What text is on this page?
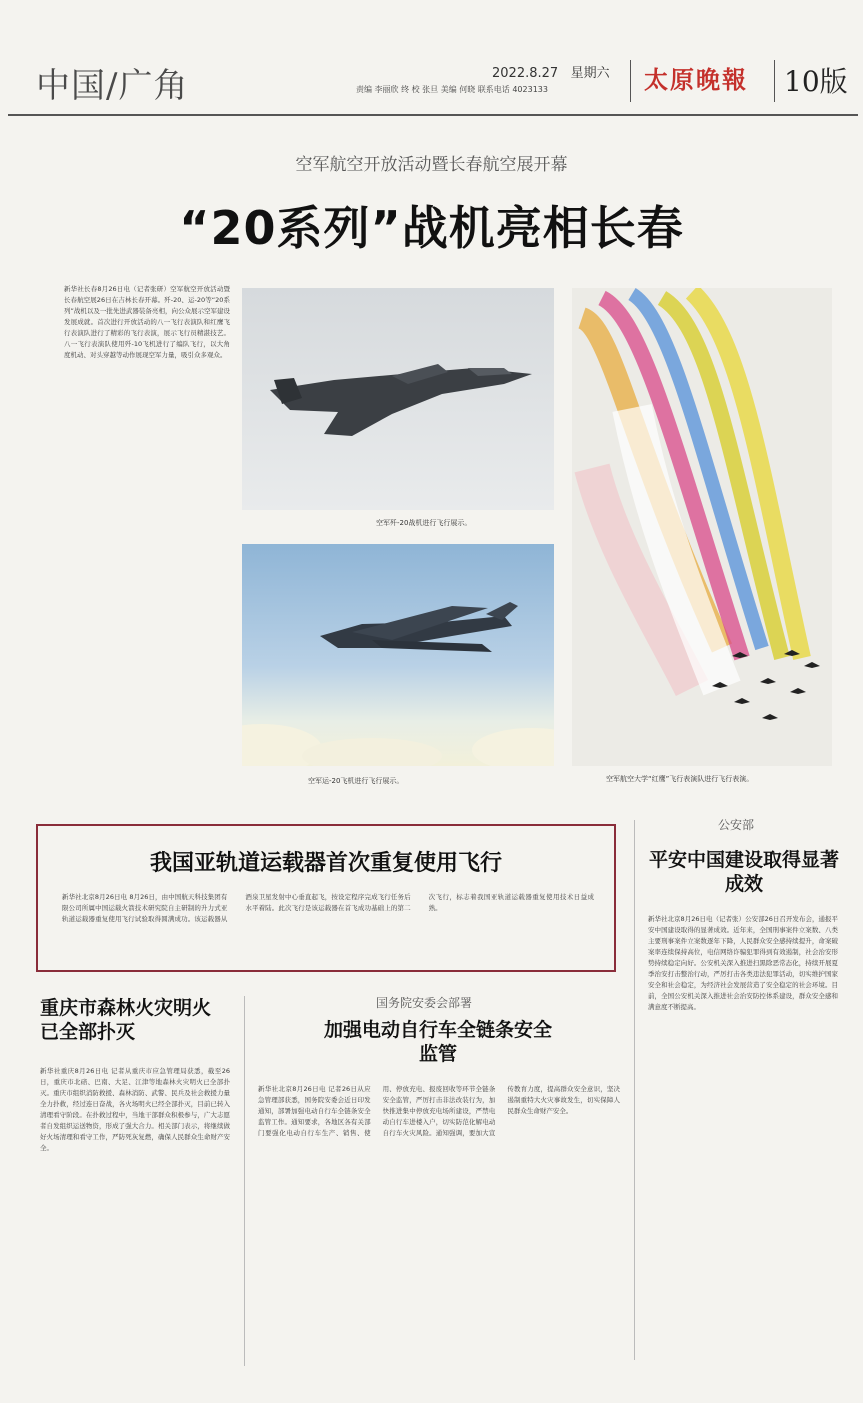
中国/广角	2022.8.27 星期六
责编 李丽欣 终 校 张旦 美编 何晓 联系电话 4023133	太原晚報 10版
空军航空开放活动暨长春航空展开幕
“20系列”战机亮相长春
新华社长春8月26日电（记者张研）空军航空开放活动暨长春航空展26日在吉林长春开幕。歼-20、运-20等“20系列”战机以及一批先进武器装备亮相，向公众展示空军建设发展成就。首次进行开放活动的八一飞行表演队和红鹰飞行表演队进行了精彩的飞行表演，展示飞行员精湛技艺。八一飞行表演队使用歼-10飞机进行了编队飞行，以大角度机动、对头穿越等动作展现空军力量，吸引众多观众。
空军歼-20战机进行飞行展示。
空军运-20飞机进行飞行展示。	空军航空大学“红鹰”飞行表演队进行飞行表演。
我国亚轨道运载器首次重复使用飞行
新华社北京8月26日电 8月26日，由中国航天科技集团有限公司所属中国运载火箭技术研究院自主研制的升力式亚轨道运载器重复使用飞行试验取得圆满成功。该运载器从酒泉卫星发射中心垂直起飞，按设定程序完成飞行任务后水平着陆。此次飞行是该运载器在首飞成功基础上的第二次飞行，标志着我国亚轨道运载器重复使用技术日益成熟。
公安部
平安中国建设取得显著成效
新华社北京8月26日电（记者张）公安部26日召开发布会，通报平安中国建设取得的显著成效。近年来，全国刑事案件立案数、八类主要刑事案件立案数逐年下降，人民群众安全感持续提升，命案破案率连续保持高位，电信网络诈骗犯罪得到有效遏制，社会治安形势持续稳定向好。公安机关深入推进扫黑除恶常态化，持续开展夏季治安打击整治行动，严厉打击各类违法犯罪活动，切实维护国家安全和社会稳定，为经济社会发展营造了安全稳定的社会环境。目前，全国公安机关深入推进社会治安防控体系建设，群众安全感和满意度不断提高。
重庆市森林火灾明火已全部扑灭
新华社重庆8月26日电 记者从重庆市应急管理局获悉，截至26日，重庆市北碚、巴南、大足、江津等地森林火灾明火已全部扑灭。重庆市组织消防救援、森林消防、武警、民兵及社会救援力量全力扑救，经过连日奋战，各火场明火已经全部扑灭，目前已转入清理看守阶段。在扑救过程中，当地干部群众积极参与，广大志愿者自发组织运送物资，形成了强大合力。相关部门表示，将继续做好火场清理和看守工作，严防死灰复燃，确保人民群众生命财产安全。
国务院安委会部署
加强电动自行车全链条安全监管
新华社北京8月26日电 记者26日从应急管理部获悉，国务院安委会近日印发通知，部署加强电动自行车全链条安全监管工作。通知要求，各地区各有关部门要强化电动自行车生产、销售、使用、停放充电、报废回收等环节全链条安全监管，严厉打击非法改装行为，加快推进集中停放充电场所建设，严禁电动自行车进楼入户，切实防范化解电动自行车火灾风险。通知强调，要加大宣传教育力度，提高群众安全意识，坚决遏制重特大火灾事故发生，切实保障人民群众生命财产安全。
